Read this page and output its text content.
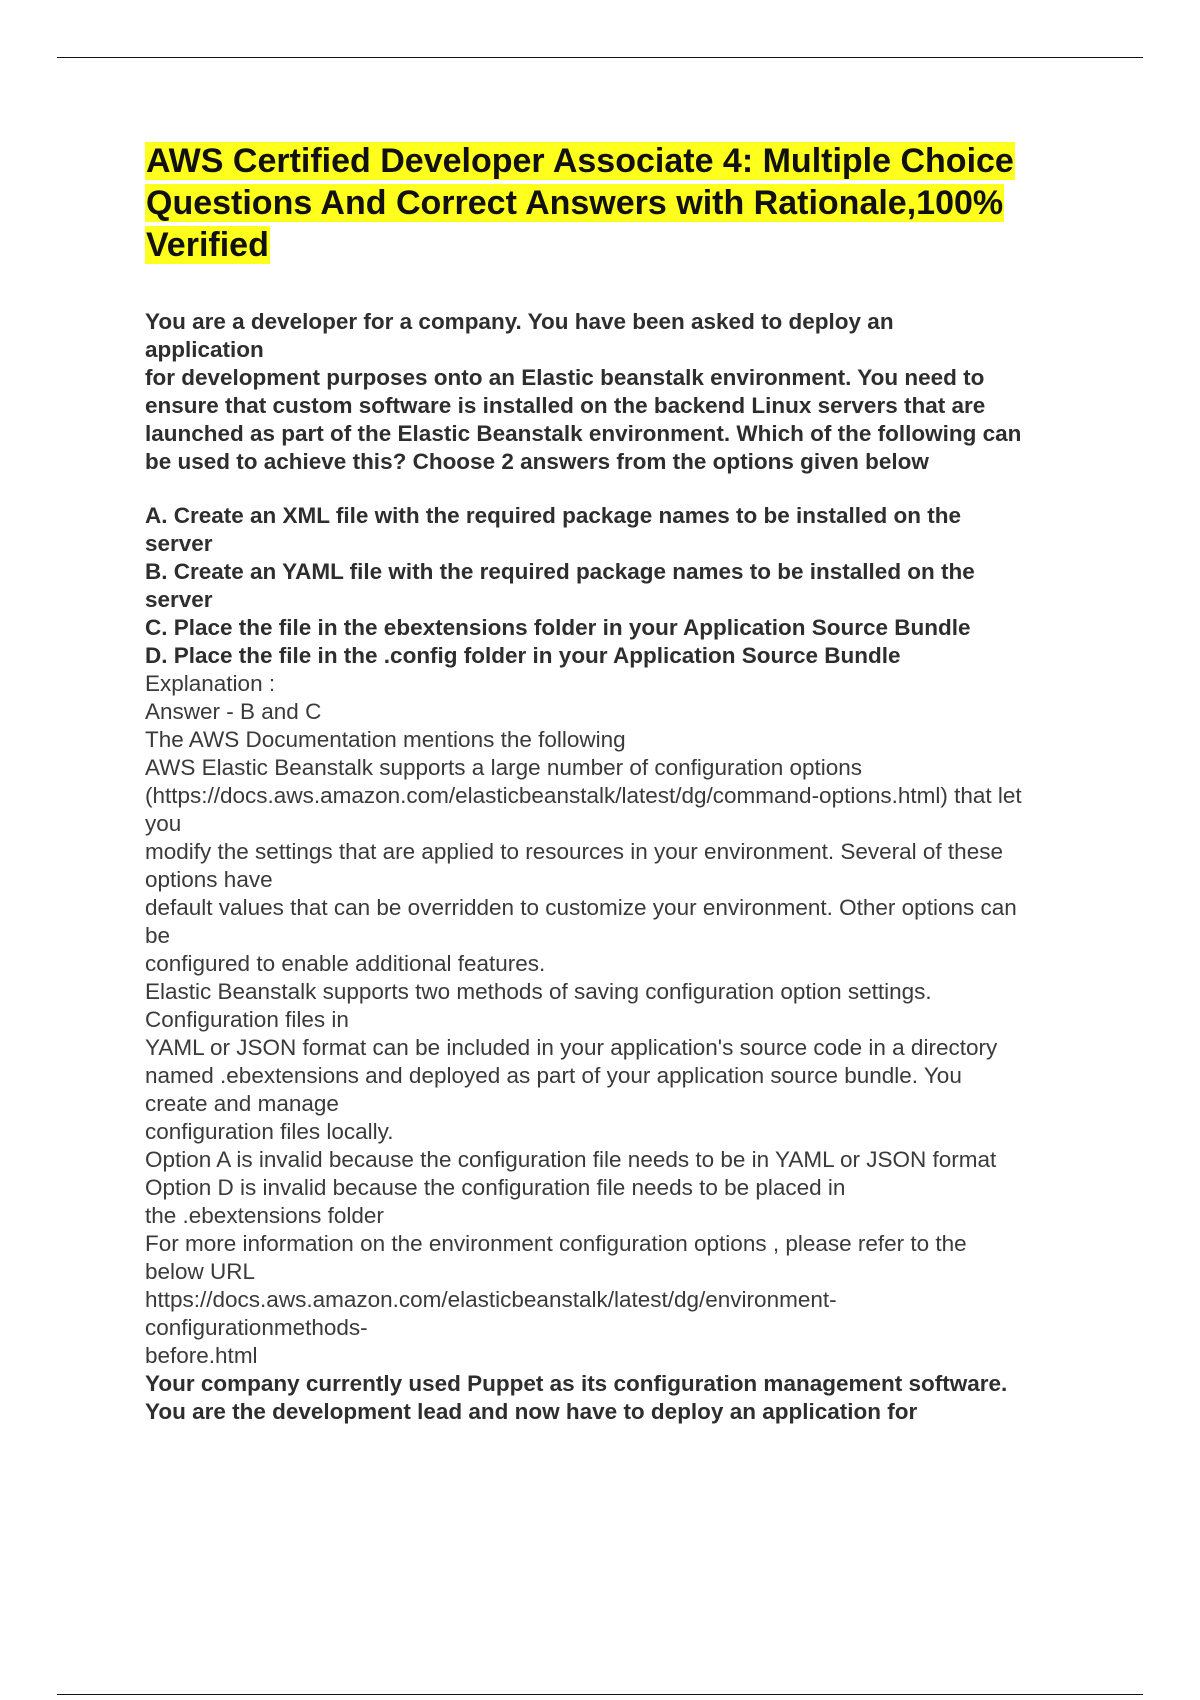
AWS Certified Developer Associate 4: Multiple Choice Questions And Correct Answers with Rationale,100% Verified
You are a developer for a company. You have been asked to deploy an
application
for development purposes onto an Elastic beanstalk environment. You need to
ensure that custom software is installed on the backend Linux servers that are
launched as part of the Elastic Beanstalk environment. Which of the following can
be used to achieve this? Choose 2 answers from the options given below
A. Create an XML file with the required package names to be installed on the
server
B. Create an YAML file with the required package names to be installed on the
server
C. Place the file in the ebextensions folder in your Application Source Bundle
D. Place the file in the .config folder in your Application Source Bundle
Explanation :
Answer - B and C
The AWS Documentation mentions the following
AWS Elastic Beanstalk supports a large number of configuration options
(https://docs.aws.amazon.com/elasticbeanstalk/latest/dg/command-options.html) that let
you
modify the settings that are applied to resources in your environment. Several of these
options have
default values that can be overridden to customize your environment. Other options can
be
configured to enable additional features.
Elastic Beanstalk supports two methods of saving configuration option settings.
Configuration files in
YAML or JSON format can be included in your application's source code in a directory
named .ebextensions and deployed as part of your application source bundle. You
create and manage
configuration files locally.
Option A is invalid because the configuration file needs to be in YAML or JSON format
Option D is invalid because the configuration file needs to be placed in
the .ebextensions folder
For more information on the environment configuration options , please refer to the
below URL
https://docs.aws.amazon.com/elasticbeanstalk/latest/dg/environment-
configurationmethods-
before.html
Your company currently used Puppet as its configuration management software.
You are the development lead and now have to deploy an application for
